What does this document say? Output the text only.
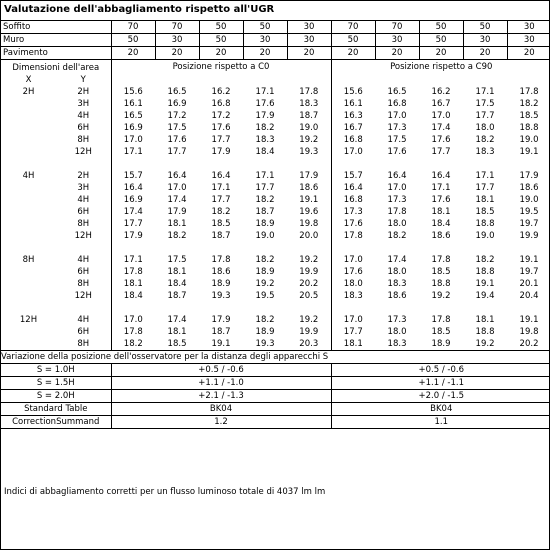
Valutazione dell'abbagliamento rispetto all'UGR
Soffito		70	70	50	50	30	70	70	50	50	30
Muro		50	30	50	30	30	50	30	50	30	30
Pavimento		20	20	20	20	20	20	20	20	20	20
Dimensioni dell'area		Posizione rispetto a C0					Posizione rispetto a C90				
X	Y										
2H	2H	15.6	16.5	16.2	17.1	17.8	15.6	16.5	16.2	17.1	17.8
	3H	16.1	16.9	16.8	17.6	18.3	16.1	16.8	16.7	17.5	18.2
	4H	16.5	17.2	17.2	17.9	18.7	16.3	17.0	17.0	17.7	18.5
	6H	16.9	17.5	17.6	18.2	19.0	16.7	17.3	17.4	18.0	18.8
	8H	17.0	17.6	17.7	18.3	19.2	16.8	17.5	17.6	18.2	19.0
	12H	17.1	17.7	17.9	18.4	19.3	17.0	17.6	17.7	18.3	19.1

4H	2H	15.7	16.4	16.4	17.1	17.9	15.7	16.4	16.4	17.1	17.9
	3H	16.4	17.0	17.1	17.7	18.6	16.4	17.0	17.1	17.7	18.6
	4H	16.9	17.4	17.7	18.2	19.1	16.8	17.3	17.6	18.1	19.0
	6H	17.4	17.9	18.2	18.7	19.6	17.3	17.8	18.1	18.5	19.5
	8H	17.7	18.1	18.5	18.9	19.8	17.6	18.0	18.4	18.8	19.7
	12H	17.9	18.2	18.7	19.0	20.0	17.8	18.2	18.6	19.0	19.9

8H	4H	17.1	17.5	17.8	18.2	19.2	17.0	17.4	17.8	18.2	19.1
	6H	17.8	18.1	18.6	18.9	19.9	17.6	18.0	18.5	18.8	19.7
	8H	18.1	18.4	18.9	19.2	20.2	18.0	18.3	18.8	19.1	20.1
	12H	18.4	18.7	19.3	19.5	20.5	18.3	18.6	19.2	19.4	20.4

12H	4H	17.0	17.4	17.9	18.2	19.2	17.0	17.3	17.8	18.1	19.1
	6H	17.8	18.1	18.7	18.9	19.9	17.7	18.0	18.5	18.8	19.8
	8H	18.2	18.5	19.1	19.3	20.3	18.1	18.3	18.9	19.2	20.2
Variazione della posizione dell'osservatore per la distanza degli apparecchi S											
S = 1.0H		+0.5 / -0.6					+0.5 / -0.6				
S = 1.5H		+1.1 / -1.0					+1.1 / -1.1				
S = 2.0H		+2.1 / -1.3					+2.0 / -1.5				
Standard Table		BK04					BK04				
CorrectionSummand		1.2					1.1				
Indici di abbagliamento corretti per un flusso luminoso totale di 4037 lm lm
